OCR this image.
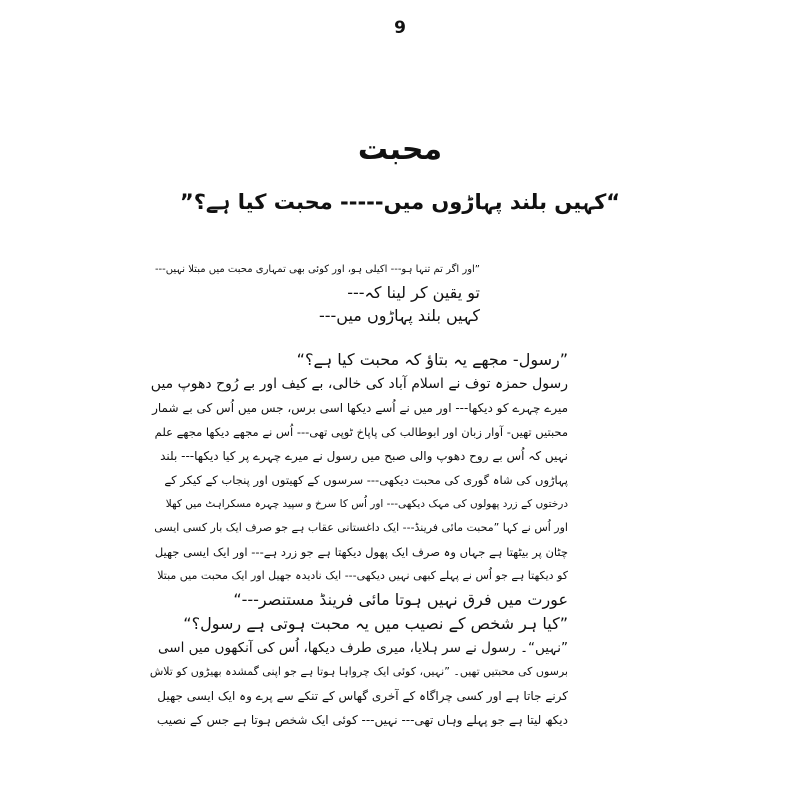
9
محبت
”کہیں بلند پہاڑوں میں----- محبت کیا ہے؟“
”اور اگر تم تنہا ہو--- اکیلی ہو، اور کوئی بھی تمہاری محبت میں مبتلا نہیں---
تو یقین کر لینا کہ---
کہیں بلند پہاڑوں میں---
”رسول- مجھے یہ بتاؤ کہ محبت کیا ہے؟“
رسول حمزہ توف نے اسلام آباد کی خالی، بے کیف اور بے رُوح دھوپ میں
میرے چہرے کو دیکھا--- اور میں نے اُسے دیکھا اسی برس، جس میں اُس کی بے شمار
محبتیں تھیں- آوار زبان اور ابوطالب کی پاپاخ ٹوپی تھی--- اُس نے مجھے دیکھا مجھے علم
نہیں کہ اُس بے روح دھوپ والی صبح میں رسول نے میرے چہرے پر کیا دیکھا--- بلند
پہاڑوں کی شاہ گوری کی محبت دیکھی--- سرسوں کے کھیتوں اور پنجاب کے کیکر کے
درختوں کے زرد پھولوں کی مہک دیکھی--- اور اُس کا سرخ و سپید چہرہ مسکراہٹ میں کھلا
اور اُس نے کہا ”محبت مائی فرینڈ--- ایک داغستانی عقاب ہے جو صرف ایک بار کسی ایسی
چٹان پر بیٹھتا ہے جہاں وہ صرف ایک پھول دیکھتا ہے جو زرد ہے--- اور ایک ایسی جھیل
کو دیکھتا ہے جو اُس نے پہلے کبھی نہیں دیکھی--- ایک نادیدہ جھیل اور ایک محبت میں مبتلا
عورت میں فرق نہیں ہوتا مائی فرینڈ مستنصر---“
”کیا ہر شخص کے نصیب میں یہ محبت ہوتی ہے رسول؟“
”نہیں“۔ رسول نے سر ہلایا، میری طرف دیکھا، اُس کی آنکھوں میں اسی
برسوں کی محبتیں تھیں۔ ”نہیں، کوئی ایک چرواہا ہوتا ہے جو اپنی گمشدہ بھیڑوں کو تلاش
کرنے جاتا ہے اور کسی چراگاہ کے آخری گھاس کے تنکے سے پرے وہ ایک ایسی جھیل
دیکھ لیتا ہے جو پہلے وہاں تھی--- نہیں--- کوئی ایک شخص ہوتا ہے جس کے نصیب
